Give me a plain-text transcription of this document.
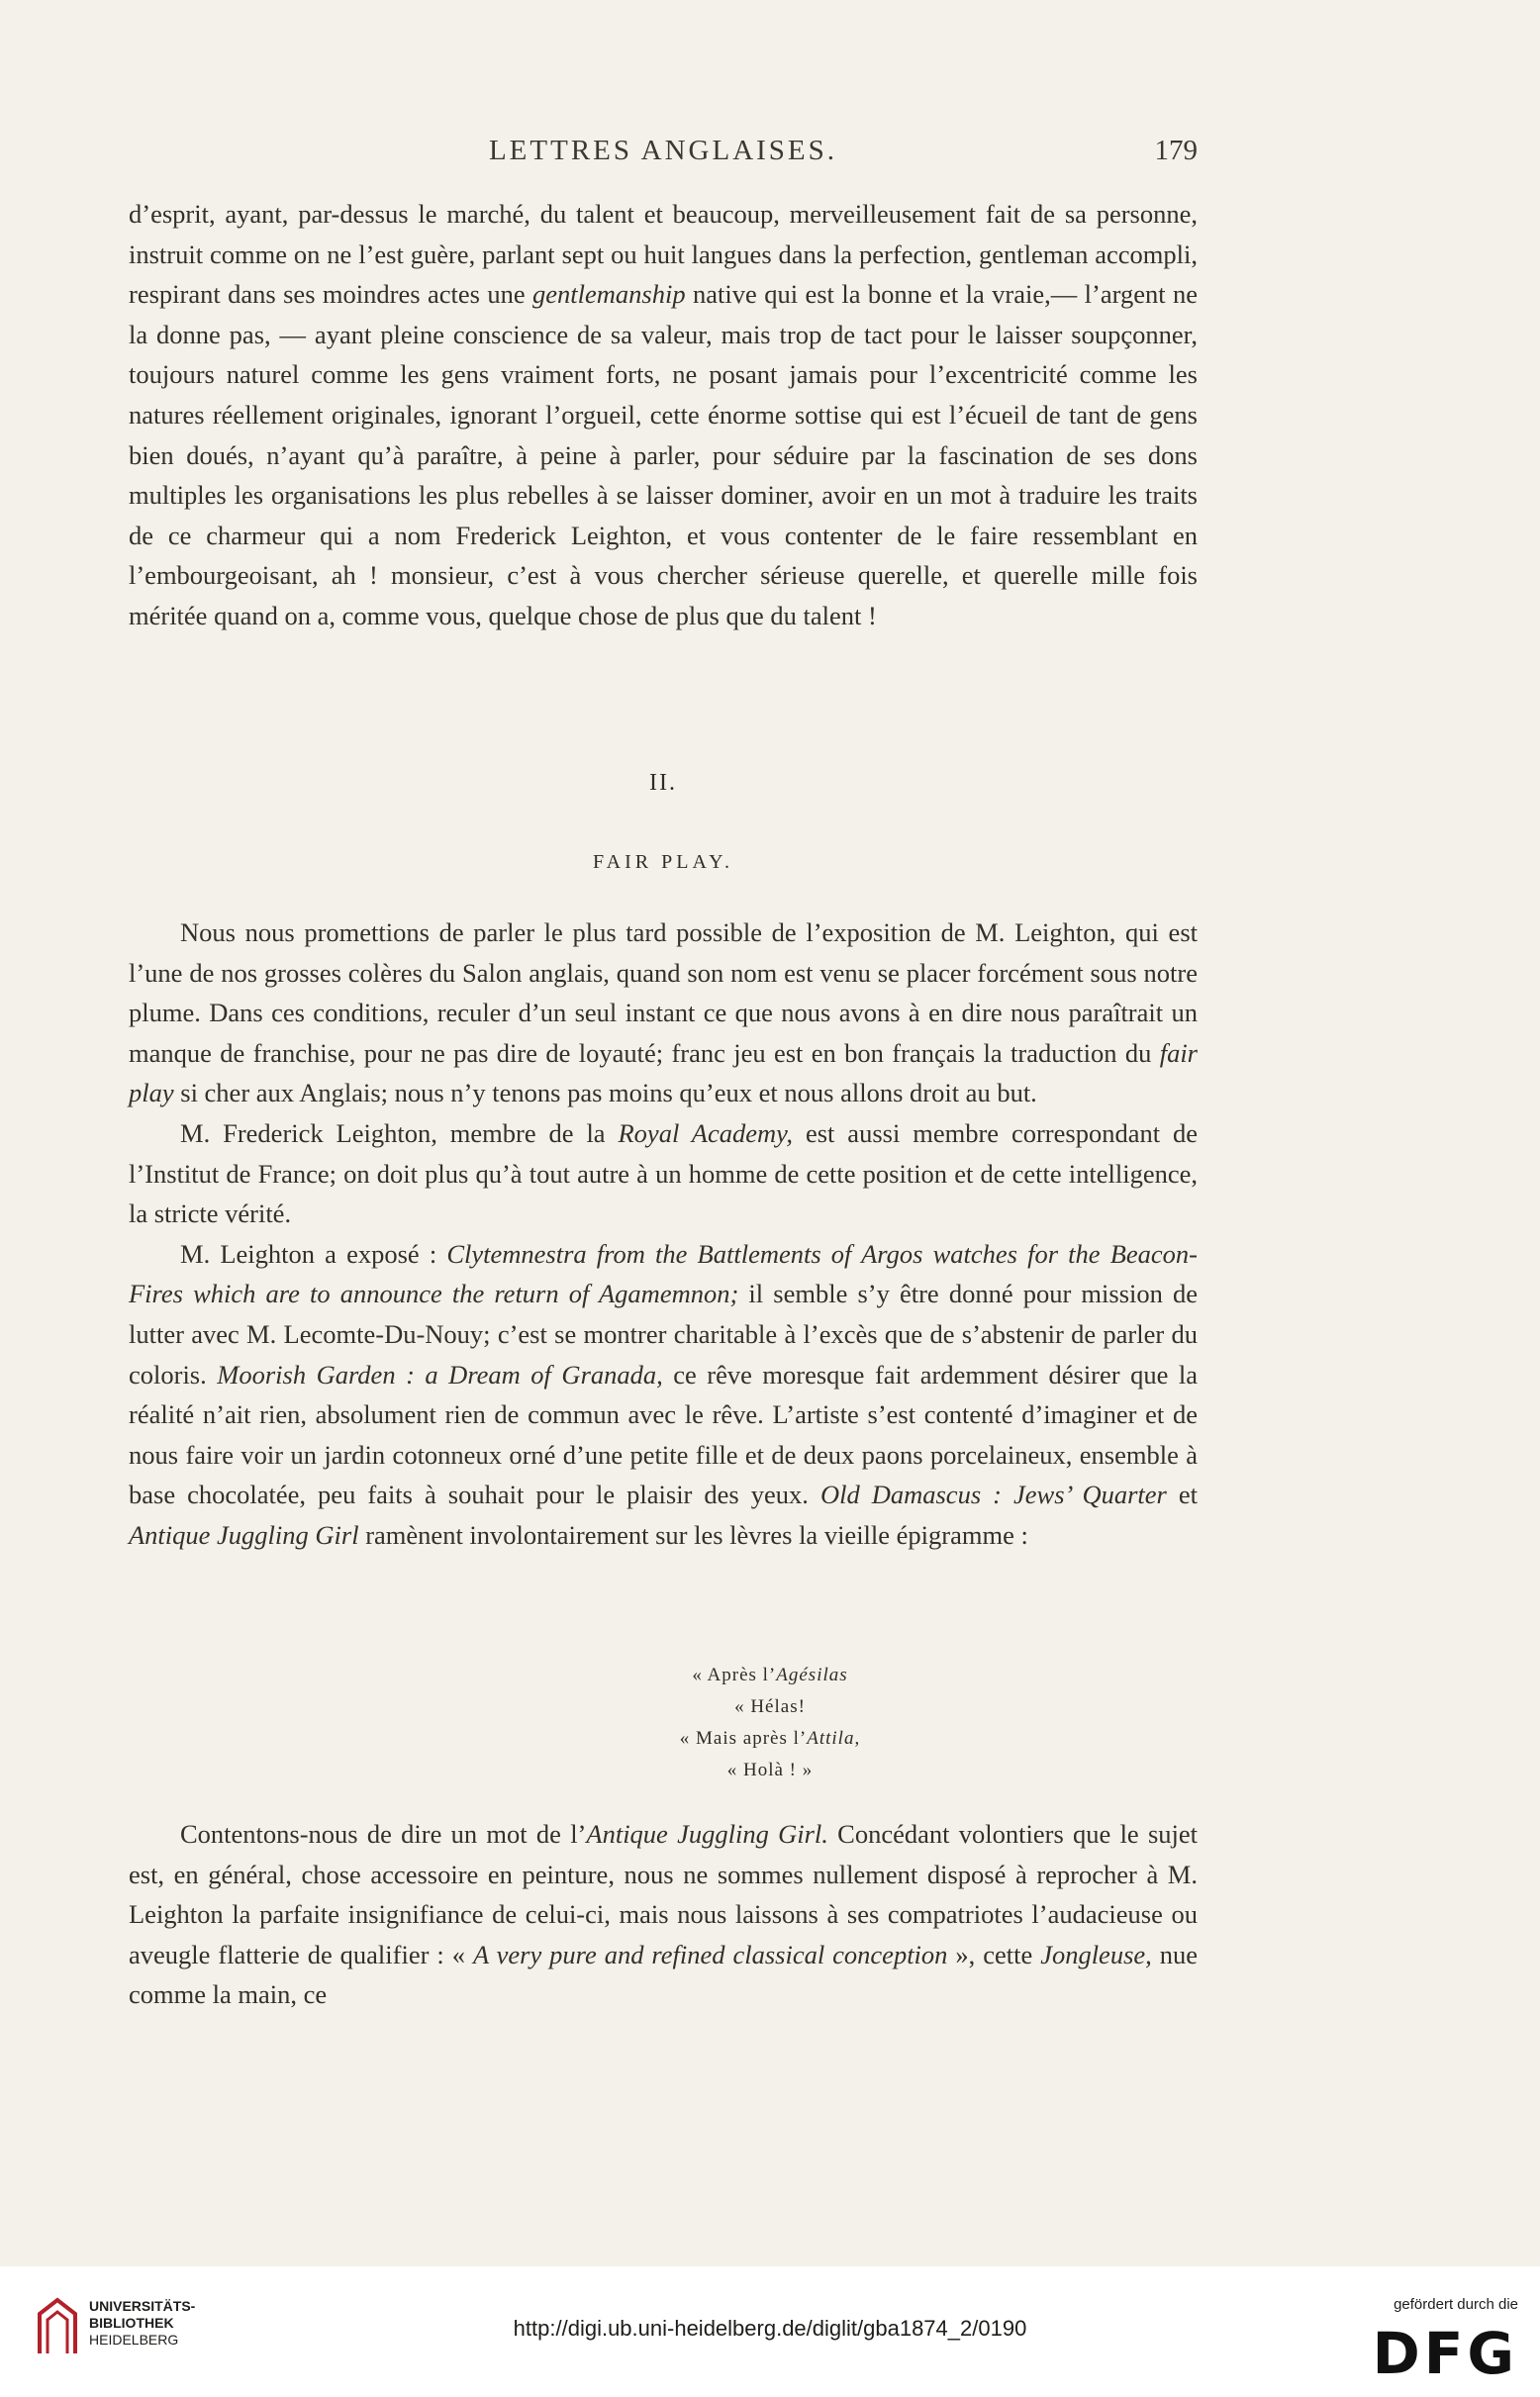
LETTRES ANGLAISES.	179

d’esprit, ayant, par-dessus le marché, du talent et beaucoup, merveilleusement fait de sa personne, instruit comme on ne l’est guère, parlant sept ou huit langues dans la perfection, gentleman accompli, respirant dans ses moindres actes une gentlemanship native qui est la bonne et la vraie,— l’argent ne la donne pas, — ayant pleine conscience de sa valeur, mais trop de tact pour le laisser soupçonner, toujours naturel comme les gens vraiment forts, ne posant jamais pour l’excentricité comme les natures réellement originales, ignorant l’orgueil, cette énorme sottise qui est l’écueil de tant de gens bien doués, n’ayant qu’à paraître, à peine à parler, pour séduire par la fascination de ses dons multiples les organisations les plus rebelles à se laisser dominer, avoir en un mot à traduire les traits de ce charmeur qui a nom Frederick Leighton, et vous contenter de le faire ressemblant en l’embourgeoisant, ah ! monsieur, c’est à vous chercher sérieuse querelle, et querelle mille fois méritée quand on a, comme vous, quelque chose de plus que du talent !

II.
FAIR PLAY.

Nous nous promettions de parler le plus tard possible de l’exposition de M. Leighton, qui est l’une de nos grosses colères du Salon anglais, quand son nom est venu se placer forcément sous notre plume. Dans ces conditions, reculer d’un seul instant ce que nous avons à en dire nous paraîtrait un manque de franchise, pour ne pas dire de loyauté; franc jeu est en bon français la traduction du fair play si cher aux Anglais; nous n’y tenons pas moins qu’eux et nous allons droit au but.

M. Frederick Leighton, membre de la Royal Academy, est aussi membre correspondant de l’Institut de France; on doit plus qu’à tout autre à un homme de cette position et de cette intelligence, la stricte vérité.

M. Leighton a exposé : Clytemnestra from the Battlements of Argos watches for the Beacon-Fires which are to announce the return of Agamemnon; il semble s’y être donné pour mission de lutter avec M. Lecomte-Du-Nouy; c’est se montrer charitable à l’excès que de s’abstenir de parler du coloris. Moorish Garden : a Dream of Granada, ce rêve moresque fait ardemment désirer que la réalité n’ait rien, absolument rien de commun avec le rêve. L’artiste s’est contenté d’imaginer et de nous faire voir un jardin cotonneux orné d’une petite fille et de deux paons porcelaineux, ensemble à base chocolatée, peu faits à souhait pour le plaisir des yeux. Old Damascus : Jews’ Quarter et Antique Juggling Girl ramènent involontairement sur les lèvres la vieille épigramme :

« Après l’Agésilas
« Hélas!
« Mais après l’Attila,
« Holà ! »

Contentons-nous de dire un mot de l’Antique Juggling Girl. Concédant volontiers que le sujet est, en général, chose accessoire en peinture, nous ne sommes nullement disposé à reprocher à M. Leighton la parfaite insignifiance de celui-ci, mais nous laissons à ses compatriotes l’audacieuse ou aveugle flatterie de qualifier : « A very pure and refined classical conception », cette Jongleuse, nue comme la main, ce

UNIVERSITÄTS-
BIBLIOTHEK
HEIDELBERG	http://digi.ub.uni-heidelberg.de/diglit/gba1874_2/0190
gefördert durch die
DFG
